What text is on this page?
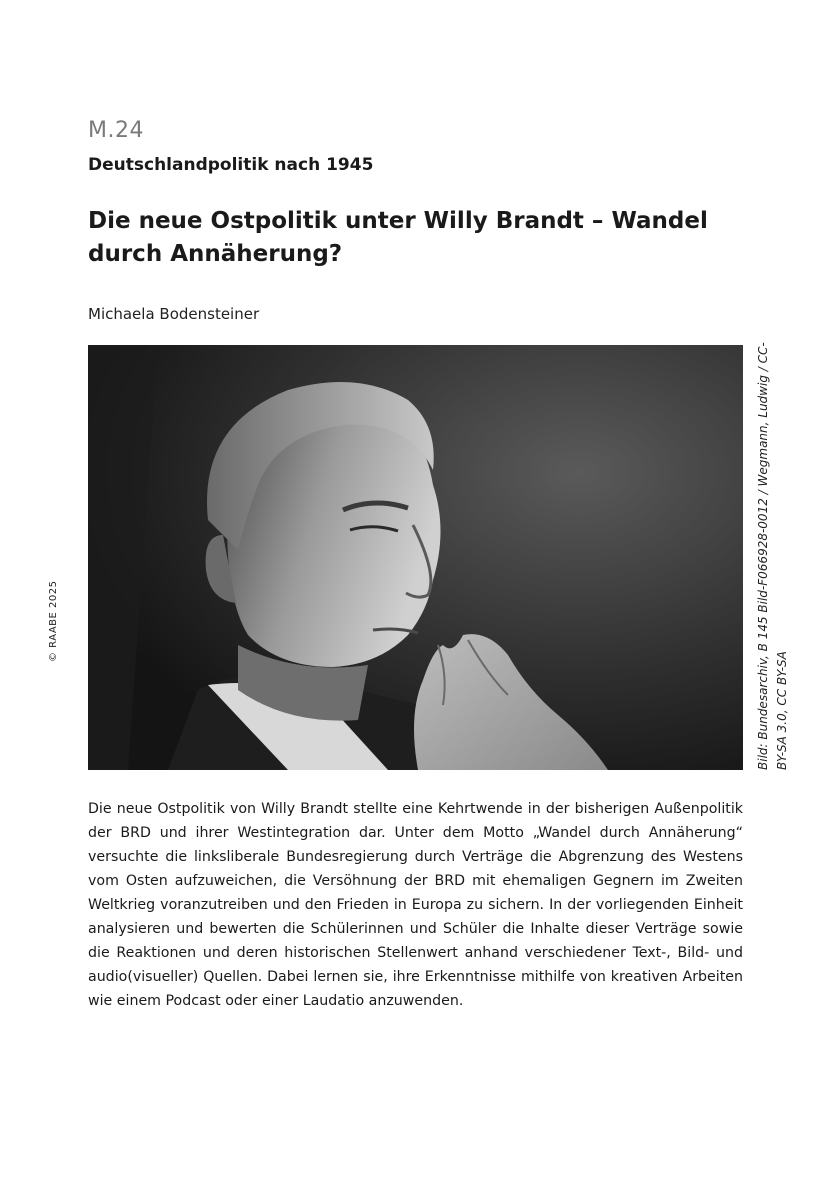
M.24
Deutschlandpolitik nach 1945
Die neue Ostpolitik unter Willy Brandt – Wandel durch Annäherung?
Michaela Bodensteiner
Bild: Bundesarchiv, B 145 Bild-F066928-0012 / Wegmann, Ludwig / CC-BY-SA 3.0, CC BY-SA
© RAABE 2025

Die neue Ostpolitik von Willy Brandt stellte eine Kehrtwende in der bisherigen Außenpolitik der BRD und ihrer Westintegration dar. Unter dem Motto „Wandel durch Annäherung“ versuchte die linksliberale Bundesregierung durch Verträge die Abgrenzung des Westens vom Osten aufzuweichen, die Versöhnung der BRD mit ehemaligen Gegnern im Zweiten Weltkrieg voranzutreiben und den Frieden in Europa zu sichern. In der vorliegenden Einheit analysieren und bewerten die Schülerinnen und Schüler die Inhalte dieser Verträge sowie die Reaktionen und deren historischen Stellenwert anhand verschiedener Text-, Bild- und audio(visueller) Quellen. Dabei lernen sie, ihre Erkenntnisse mithilfe von kreativen Arbeiten wie einem Podcast oder einer Laudatio anzuwenden.
